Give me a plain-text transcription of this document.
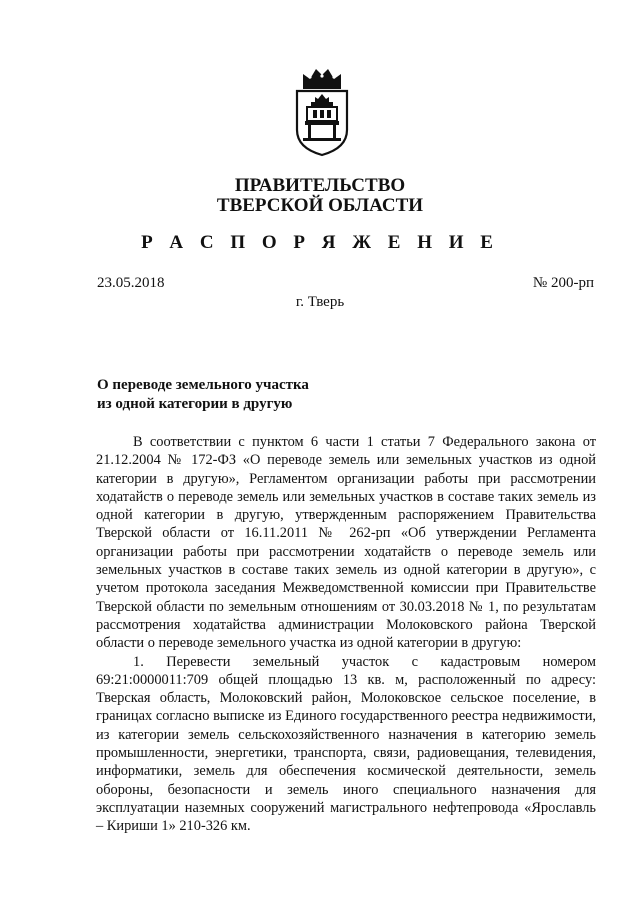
ПРАВИТЕЛЬСТВО
ТВЕРСКОЙ ОБЛАСТИ
Р А С П О Р Я Ж Е Н И Е
23.05.2018	№ 200-рп
г. Тверь
О переводе земельного участка
из одной категории в другую

В соответствии с пунктом 6 части 1 статьи 7 Федерального закона от 21.12.2004 № 172-ФЗ «О переводе земель или земельных участков из одной категории в другую», Регламентом организации работы при рассмотрении ходатайств о переводе земель или земельных участков в составе таких земель из одной категории в другую, утвержденным распоряжением Правительства Тверской области от 16.11.2011 № 262-рп «Об утверждении Регламента организации работы при рассмотрении ходатайств о переводе земель или земельных участков в составе таких земель из одной категории в другую», с учетом протокола заседания Межведомственной комиссии при Правительстве Тверской области по земельным отношениям от 30.03.2018 № 1, по результатам рассмотрения ходатайства администрации Молоковского района Тверской области о переводе земельного участка из одной категории в другую:

1. Перевести земельный участок с кадастровым номером 69:21:0000011:709 общей площадью 13 кв. м, расположенный по адресу: Тверская область, Молоковский район, Молоковское сельское поселение, в границах согласно выписке из Единого государственного реестра недвижимости, из категории земель сельскохозяйственного назначения в категорию земель промышленности, энергетики, транспорта, связи, радиовещания, телевидения, информатики, земель для обеспечения космической деятельности, земель обороны, безопасности и земель иного специального назначения для эксплуатации наземных сооружений магистрального нефтепровода «Ярославль – Кириши 1» 210-326 км.
